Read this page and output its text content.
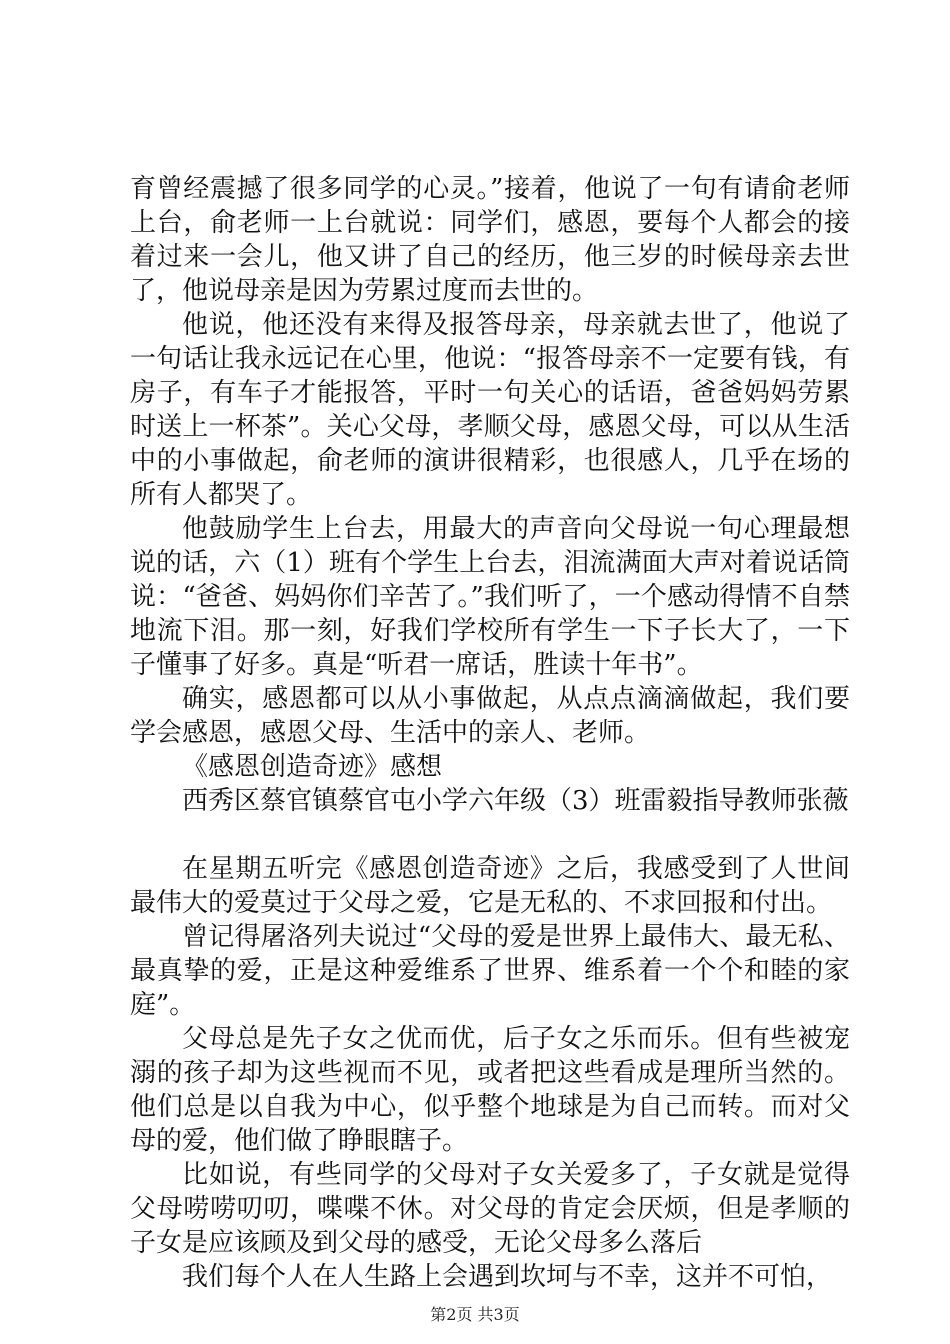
育曾经震撼了很多同学的心灵。”接着，他说了一句有请俞老师上台，俞老师一上台就说：同学们，感恩，要每个人都会的接着过来一会儿，他又讲了自己的经历，他三岁的时候母亲去世了，他说母亲是因为劳累过度而去世的。

他说，他还没有来得及报答母亲，母亲就去世了，他说了一句话让我永远记在心里，他说：“报答母亲不一定要有钱，有房子，有车子才能报答，平时一句关心的话语，爸爸妈妈劳累时送上一杯茶”。关心父母，孝顺父母，感恩父母，可以从生活中的小事做起，俞老师的演讲很精彩，也很感人，几乎在场的所有人都哭了。

他鼓励学生上台去，用最大的声音向父母说一句心理最想说的话，六（1）班有个学生上台去，泪流满面大声对着说话筒说：“爸爸、妈妈你们辛苦了。”我们听了，一个感动得情不自禁地流下泪。那一刻，好我们学校所有学生一下子长大了，一下子懂事了好多。真是“听君一席话，胜读十年书”。

确实，感恩都可以从小事做起，从点点滴滴做起，我们要学会感恩，感恩父母、生活中的亲人、老师。

《感恩创造奇迹》感想

西秀区蔡官镇蔡官屯小学六年级（3）班雷毅指导教师张薇

在星期五听完《感恩创造奇迹》之后，我感受到了人世间最伟大的爱莫过于父母之爱，它是无私的、不求回报和付出。

曾记得屠洛列夫说过“父母的爱是世界上最伟大、最无私、最真挚的爱，正是这种爱维系了世界、维系着一个个和睦的家庭”。

父母总是先子女之优而优，后子女之乐而乐。但有些被宠溺的孩子却为这些视而不见，或者把这些看成是理所当然的。他们总是以自我为中心，似乎整个地球是为自己而转。而对父母的爱，他们做了睁眼瞎子。

比如说，有些同学的父母对子女关爱多了，子女就是觉得父母唠唠叨叨，喋喋不休。对父母的肯定会厌烦，但是孝顺的子女是应该顾及到父母的感受，无论父母多么落后

我们每个人在人生路上会遇到坎坷与不幸，这并不可怕，

第2页 共3页
